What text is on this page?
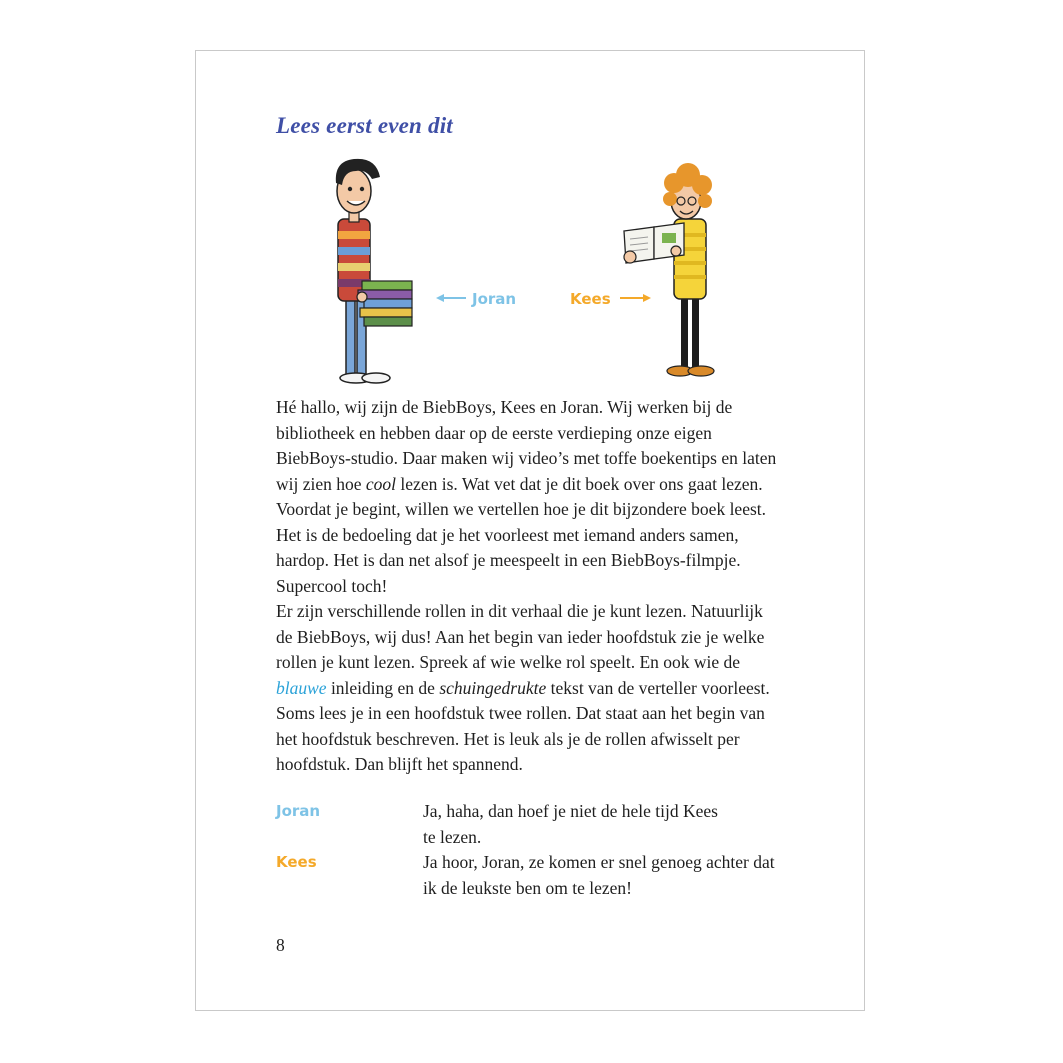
Lees eerst even dit
Joran	Kees
Hé hallo, wij zijn de BiebBoys, Kees en Joran. Wij werken bij de
bibliotheek en hebben daar op de eerste verdieping onze eigen
BiebBoys-studio. Daar maken wij video’s met toffe boekentips en laten
wij zien hoe cool lezen is. Wat vet dat je dit boek over ons gaat lezen.
Voordat je begint, willen we vertellen hoe je dit bijzondere boek leest.
Het is de bedoeling dat je het voorleest met iemand anders samen,
hardop. Het is dan net alsof je meespeelt in een BiebBoys-filmpje.
Supercool toch!
Er zijn verschillende rollen in dit verhaal die je kunt lezen. Natuurlijk
de BiebBoys, wij dus! Aan het begin van ieder hoofdstuk zie je welke
rollen je kunt lezen. Spreek af wie welke rol speelt. En ook wie de
blauwe inleiding en de schuingedrukte tekst van de verteller voorleest.
Soms lees je in een hoofdstuk twee rollen. Dat staat aan het begin van
het hoofdstuk beschreven. Het is leuk als je de rollen afwisselt per
hoofdstuk. Dan blijft het spannend.
Joran	Ja, haha, dan hoef je niet de hele tijd Kees
te lezen.
Kees	Ja hoor, Joran, ze komen er snel genoeg achter dat
ik de leukste ben om te lezen!
8
